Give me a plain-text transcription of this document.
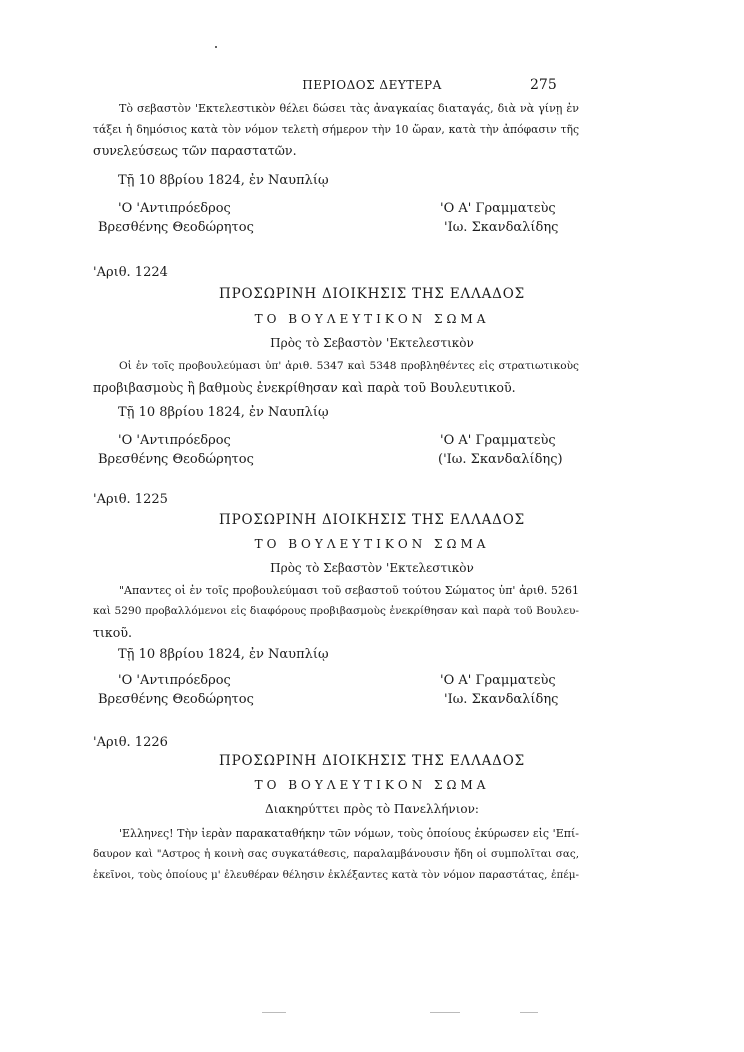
ΠΕΡΙΟΔΟΣ ΔΕΥΤΕΡΑ	275
Τὸ σεβαστὸν 'Εκτελεστικὸν θέλει δώσει τὰς ἀναγκαίας διαταγάς, διὰ νὰ γίνῃ ἐν
τάξει ἡ δημόσιος κατὰ τὸν νόμον τελετὴ σήμερον τὴν 10 ὥραν, κατὰ τὴν ἀπόφασιν τῆς
συνελεύσεως τῶν παραστατῶν.
Τῇ 10 8βρίου 1824, ἐν Ναυπλίῳ
'Ο 'Αντιπρόεδρος
Βρεσθένης Θεοδώρητος
'Ο Α' Γραμματεὺς
'Ιω. Σκανδαλίδης
'Αριθ. 1224
ΠΡΟΣΩΡΙΝΗ ΔΙΟΙΚΗΣΙΣ ΤΗΣ ΕΛΛΑΔΟΣ
ΤΟ ΒΟΥΛΕΥΤΙΚΟΝ ΣΩΜΑ
Πρὸς τὸ Σεβαστὸν 'Εκτελεστικὸν
Οἱ ἐν τοῖς προβουλεύμασι ὑπ' ἀριθ. 5347 καὶ 5348 προβληθέντες εἰς στρατιωτικοὺς
προβιβασμοὺς ἢ βαθμοὺς ἐνεκρίθησαν καὶ παρὰ τοῦ Βουλευτικοῦ.
Τῇ 10 8βρίου 1824, ἐν Ναυπλίῳ
'Ο 'Αντιπρόεδρος
Βρεσθένης Θεοδώρητος
'Ο Α' Γραμματεὺς
('Ιω. Σκανδαλίδης)
'Αριθ. 1225
ΠΡΟΣΩΡΙΝΗ ΔΙΟΙΚΗΣΙΣ ΤΗΣ ΕΛΛΑΔΟΣ
ΤΟ ΒΟΥΛΕΥΤΙΚΟΝ ΣΩΜΑ
Πρὸς τὸ Σεβαστὸν 'Εκτελεστικὸν
"Απαντες οἱ ἐν τοῖς προβουλεύμασι τοῦ σεβαστοῦ τούτου Σώματος ὑπ' ἀριθ. 5261
καὶ 5290 προβαλλόμενοι εἰς διαφόρους προβιβασμοὺς ἐνεκρίθησαν καὶ παρὰ τοῦ Βουλευ-
τικοῦ.
Τῇ 10 8βρίου 1824, ἐν Ναυπλίῳ
'Ο 'Αντιπρόεδρος
Βρεσθένης Θεοδώρητος
'Ο Α' Γραμματεὺς
'Ιω. Σκανδαλίδης
'Αριθ. 1226
ΠΡΟΣΩΡΙΝΗ ΔΙΟΙΚΗΣΙΣ ΤΗΣ ΕΛΛΑΔΟΣ
ΤΟ ΒΟΥΛΕΥΤΙΚΟΝ ΣΩΜΑ
Διακηρύττει πρὸς τὸ Πανελλήνιον:
'Ελληνες! Τὴν ἱερὰν παρακαταθήκην τῶν νόμων, τοὺς ὁποίους ἐκύρωσεν εἰς 'Επί-
δαυρον καὶ "Αστρος ἡ κοινὴ σας συγκατάθεσις, παραλαμβάνουσιν ἤδη οἱ συμπολῖται σας,
ἐκεῖνοι, τοὺς ὁποίους μ' ἐλευθέραν θέλησιν ἐκλέξαντες κατὰ τὸν νόμον παραστάτας, ἐπέμ-
